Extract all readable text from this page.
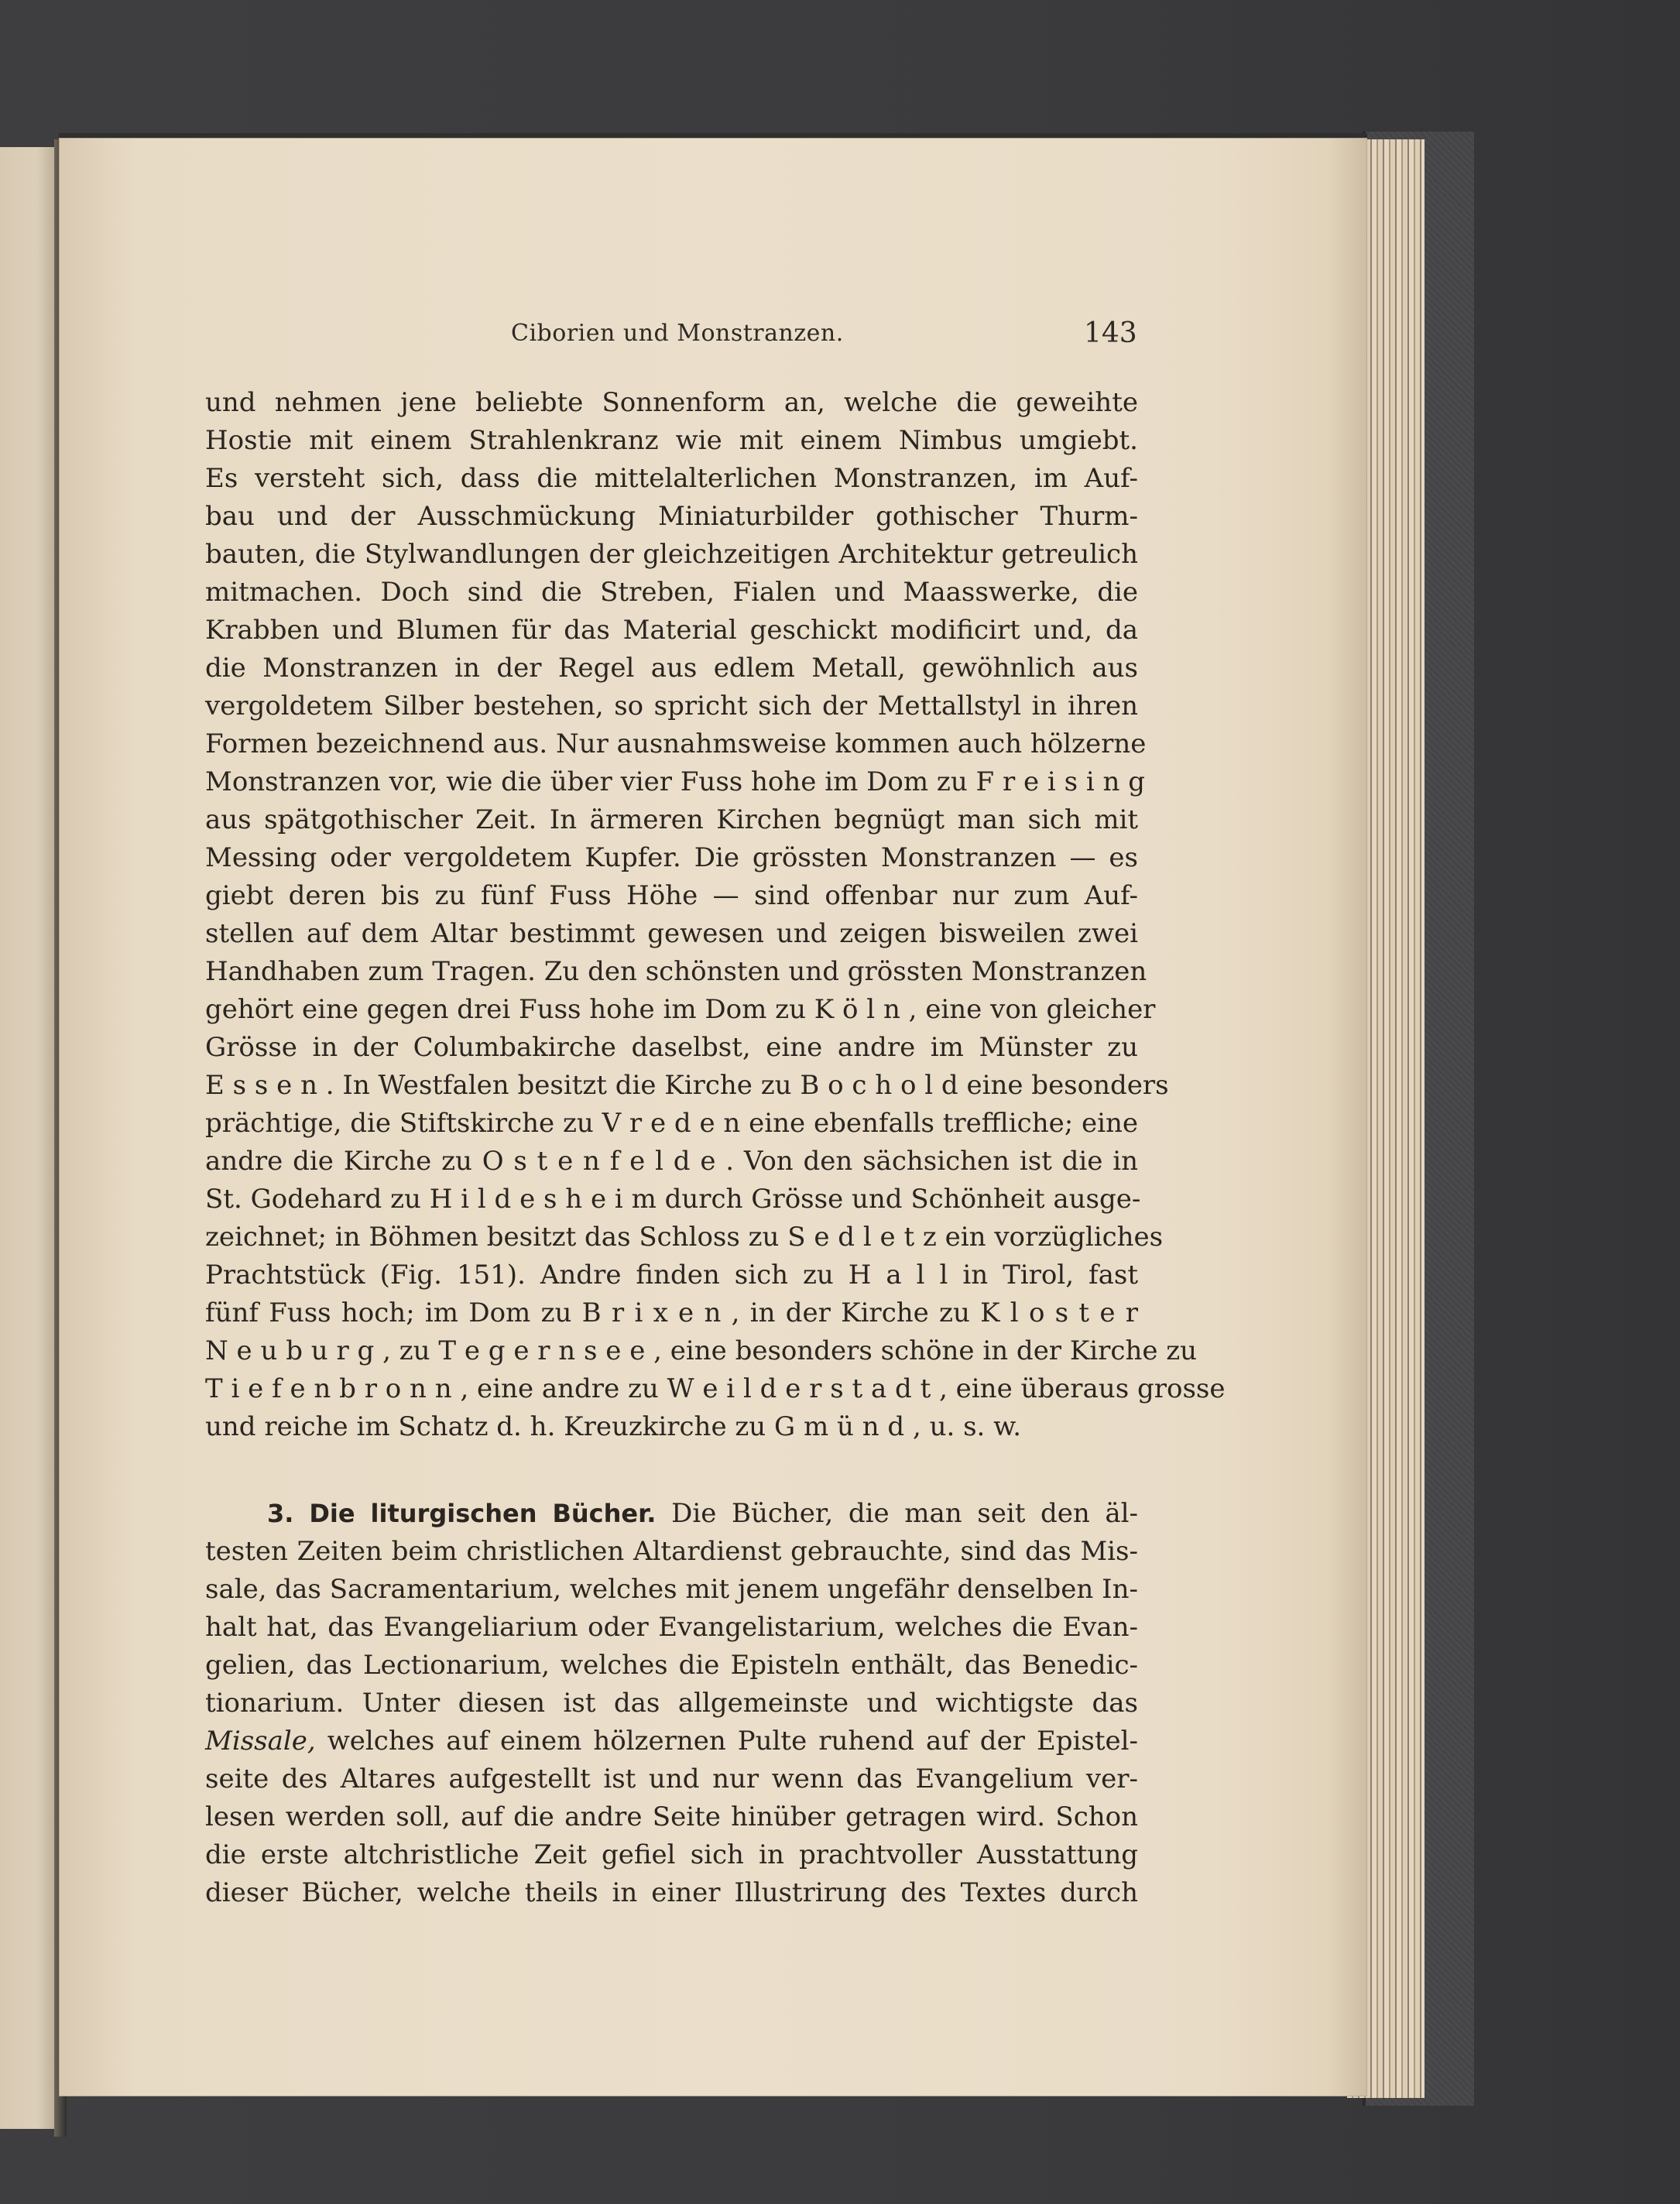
Ciborien und Monstranzen.	143
und nehmen jene beliebte Sonnenform an, welche die geweihte
Hostie mit einem Strahlenkranz wie mit einem Nimbus umgiebt.
Es versteht sich, dass die mittelalterlichen Monstranzen, im Auf-
bau und der Ausschmückung Miniaturbilder gothischer Thurm-
bauten, die Stylwandlungen der gleichzeitigen Architektur getreulich
mitmachen. Doch sind die Streben, Fialen und Maasswerke, die
Krabben und Blumen für das Material geschickt modificirt und, da
die Monstranzen in der Regel aus edlem Metall, gewöhnlich aus
vergoldetem Silber bestehen, so spricht sich der Mettallstyl in ihren
Formen bezeichnend aus. Nur ausnahmsweise kommen auch hölzerne
Monstranzen vor, wie die über vier Fuss hohe im Dom zu F r e i s i n g
aus spätgothischer Zeit. In ärmeren Kirchen begnügt man sich mit
Messing oder vergoldetem Kupfer. Die grössten Monstranzen — es
giebt deren bis zu fünf Fuss Höhe — sind offenbar nur zum Auf-
stellen auf dem Altar bestimmt gewesen und zeigen bisweilen zwei
Handhaben zum Tragen. Zu den schönsten und grössten Monstranzen
gehört eine gegen drei Fuss hohe im Dom zu K ö l n , eine von gleicher
Grösse in der Columbakirche daselbst, eine andre im Münster zu
E s s e n . In Westfalen besitzt die Kirche zu B o c h o l d eine besonders
prächtige, die Stiftskirche zu V r e d e n eine ebenfalls treffliche; eine
andre die Kirche zu O s t e n f e l d e . Von den sächsichen ist die in
St. Godehard zu H i l d e s h e i m durch Grösse und Schönheit ausge-
zeichnet; in Böhmen besitzt das Schloss zu S e d l e t z ein vorzügliches
Prachtstück (Fig. 151). Andre finden sich zu H a l l in Tirol, fast
fünf Fuss hoch; im Dom zu B r i x e n , in der Kirche zu K l o s t e r
N e u b u r g , zu T e g e r n s e e , eine besonders schöne in der Kirche zu
T i e f e n b r o n n , eine andre zu W e i l d e r s t a d t , eine überaus grosse
und reiche im Schatz d. h. Kreuzkirche zu G m ü n d , u. s. w.
3. Die liturgischen Bücher. Die Bücher, die man seit den äl-
testen Zeiten beim christlichen Altardienst gebrauchte, sind das Mis-
sale, das Sacramentarium, welches mit jenem ungefähr denselben In-
halt hat, das Evangeliarium oder Evangelistarium, welches die Evan-
gelien, das Lectionarium, welches die Episteln enthält, das Benedic-
tionarium. Unter diesen ist das allgemeinste und wichtigste das
Missale, welches auf einem hölzernen Pulte ruhend auf der Epistel-
seite des Altares aufgestellt ist und nur wenn das Evangelium ver-
lesen werden soll, auf die andre Seite hinüber getragen wird. Schon
die erste altchristliche Zeit gefiel sich in prachtvoller Ausstattung
dieser Bücher, welche theils in einer Illustrirung des Textes durch
